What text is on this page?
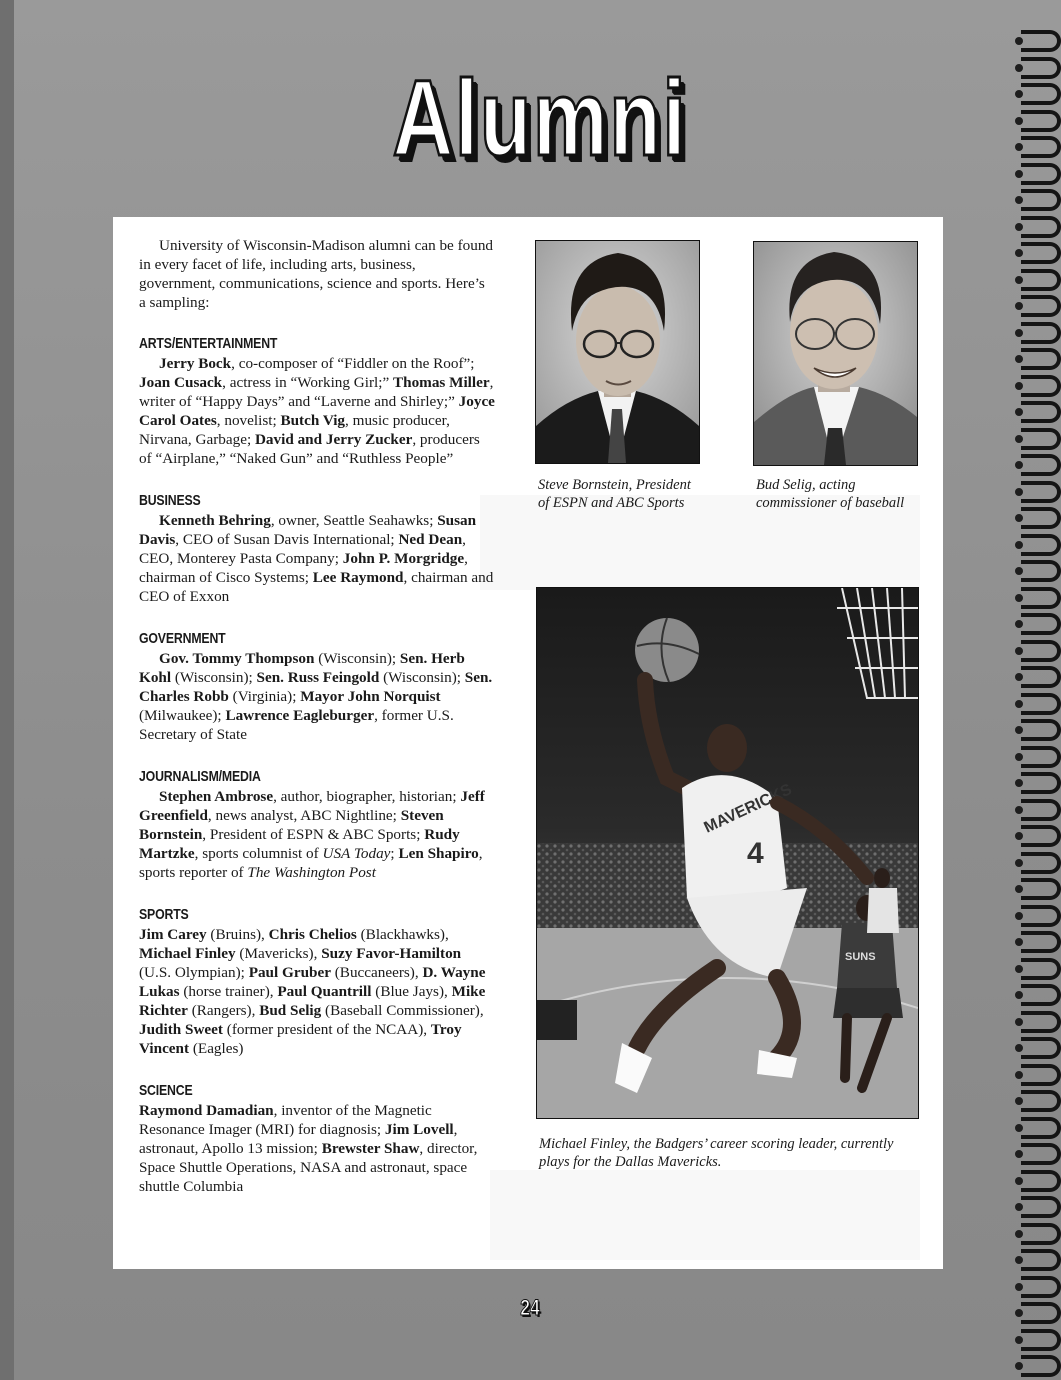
Alumni

University of Wisconsin-Madison alumni can be found in every facet of life, including arts, business, government, communications, science and sports. Here’s a sampling:

ARTS/ENTERTAINMENT

Jerry Bock, co-composer of “Fiddler on the Roof”; Joan Cusack, actress in “Working Girl;” Thomas Miller, writer of “Happy Days” and “Laverne and Shirley;” Joyce Carol Oates, novelist; Butch Vig, music producer, Nirvana, Garbage; David and Jerry Zucker, producers of “Airplane,” “Naked Gun” and “Ruthless People”

BUSINESS

Kenneth Behring, owner, Seattle Seahawks; Susan Davis, CEO of Susan Davis International; Ned Dean, CEO, Monterey Pasta Company; John P. Morgridge, chairman of Cisco Systems; Lee Raymond, chairman and CEO of Exxon

GOVERNMENT

Gov. Tommy Thompson (Wisconsin); Sen. Herb Kohl (Wisconsin); Sen. Russ Feingold (Wisconsin); Sen. Charles Robb (Virginia); Mayor John Norquist (Milwaukee); Lawrence Eagleburger, former U.S. Secretary of State

JOURNALISM/MEDIA

Stephen Ambrose, author, biographer, historian; Jeff Greenfield, news analyst, ABC Nightline; Steven Bornstein, President of ESPN & ABC Sports; Rudy Martzke, sports columnist of USA Today; Len Shapiro, sports reporter of The Washington Post

SPORTS

Jim Carey (Bruins), Chris Chelios (Blackhawks), Michael Finley (Mavericks), Suzy Favor-Hamilton (U.S. Olympian); Paul Gruber (Buccaneers), D. Wayne Lukas (horse trainer), Paul Quantrill (Blue Jays), Mike Richter (Rangers), Bud Selig (Baseball Commissioner), Judith Sweet (former president of the NCAA), Troy Vincent (Eagles)

SCIENCE

Raymond Damadian, inventor of the Magnetic Resonance Imager (MRI) for diagnosis; Jim Lovell, astronaut, Apollo 13 mission; Brewster Shaw, director, Space Shuttle Operations, NASA and astronaut, space shuttle Columbia

Steve Bornstein, President of ESPN and ABC Sports
Bud Selig, acting commissioner of baseball
MAVERICKS
4
SUNS
Michael Finley, the Badgers’ career scoring leader, currently plays for the Dallas Mavericks.
24
